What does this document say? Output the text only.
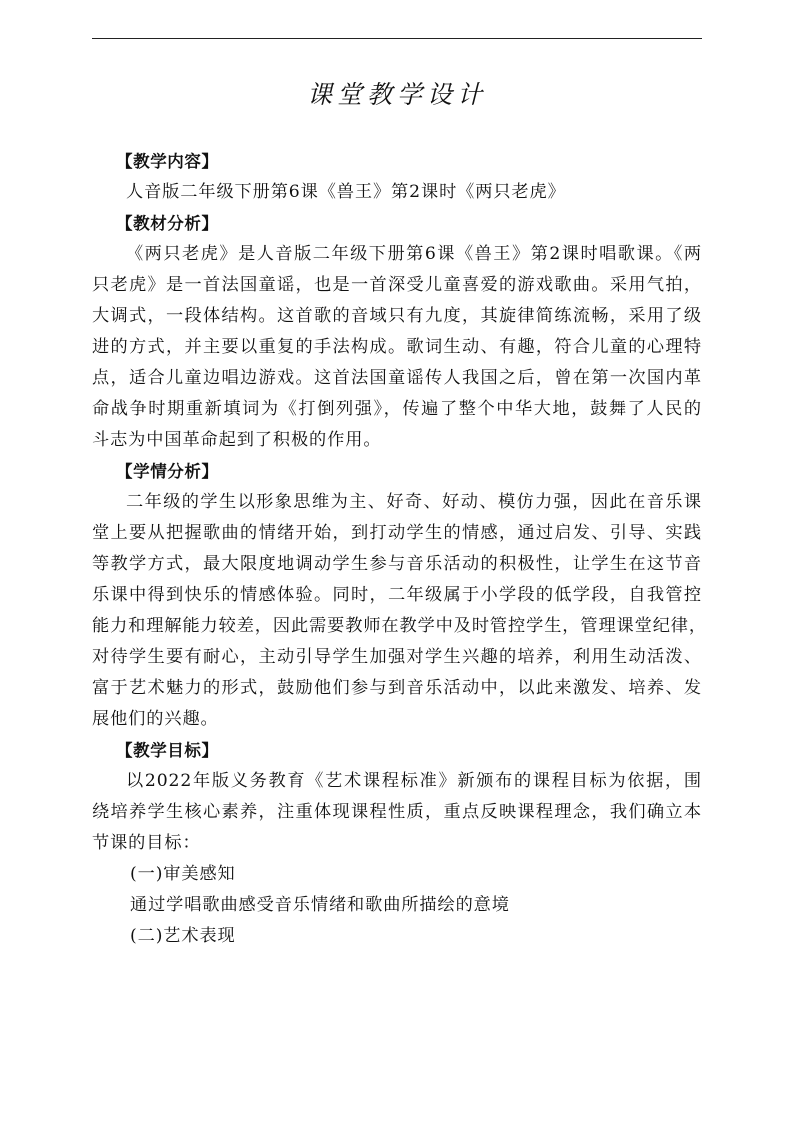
课堂教学设计
【教学内容】
人音版二年级下册第6课《兽王》第2课时《两只老虎》
【教材分析】
《两只老虎》是人音版二年级下册第6课《兽王》第2课时唱歌课。《两
只老虎》是一首法国童谣，也是一首深受儿童喜爱的游戏歌曲。采用气拍，
大调式，一段体结构。这首歌的音域只有九度，其旋律简练流畅，采用了级
进的方式，并主要以重复的手法构成。歌词生动、有趣，符合儿童的心理特
点，适合儿童边唱边游戏。这首法国童谣传人我国之后，曾在第一次国内革
命战争时期重新填词为《打倒列强》，传遍了整个中华大地，鼓舞了人民的
斗志为中国革命起到了积极的作用。
【学情分析】
二年级的学生以形象思维为主、好奇、好动、模仿力强，因此在音乐课
堂上要从把握歌曲的情绪开始，到打动学生的情感，通过启发、引导、实践
等教学方式，最大限度地调动学生参与音乐活动的积极性，让学生在这节音
乐课中得到快乐的情感体验。同时，二年级属于小学段的低学段，自我管控
能力和理解能力较差，因此需要教师在教学中及时管控学生，管理课堂纪律，
对待学生要有耐心，主动引导学生加强对学生兴趣的培养，利用生动活泼、
富于艺术魅力的形式，鼓励他们参与到音乐活动中，以此来激发、培养、发
展他们的兴趣。
【教学目标】
以2022年版义务教育《艺术课程标准》新颁布的课程目标为依据，围
绕培养学生核心素养，注重体现课程性质，重点反映课程理念，我们确立本
节课的目标：
(一)审美感知
通过学唱歌曲感受音乐情绪和歌曲所描绘的意境
(二)艺术表现
